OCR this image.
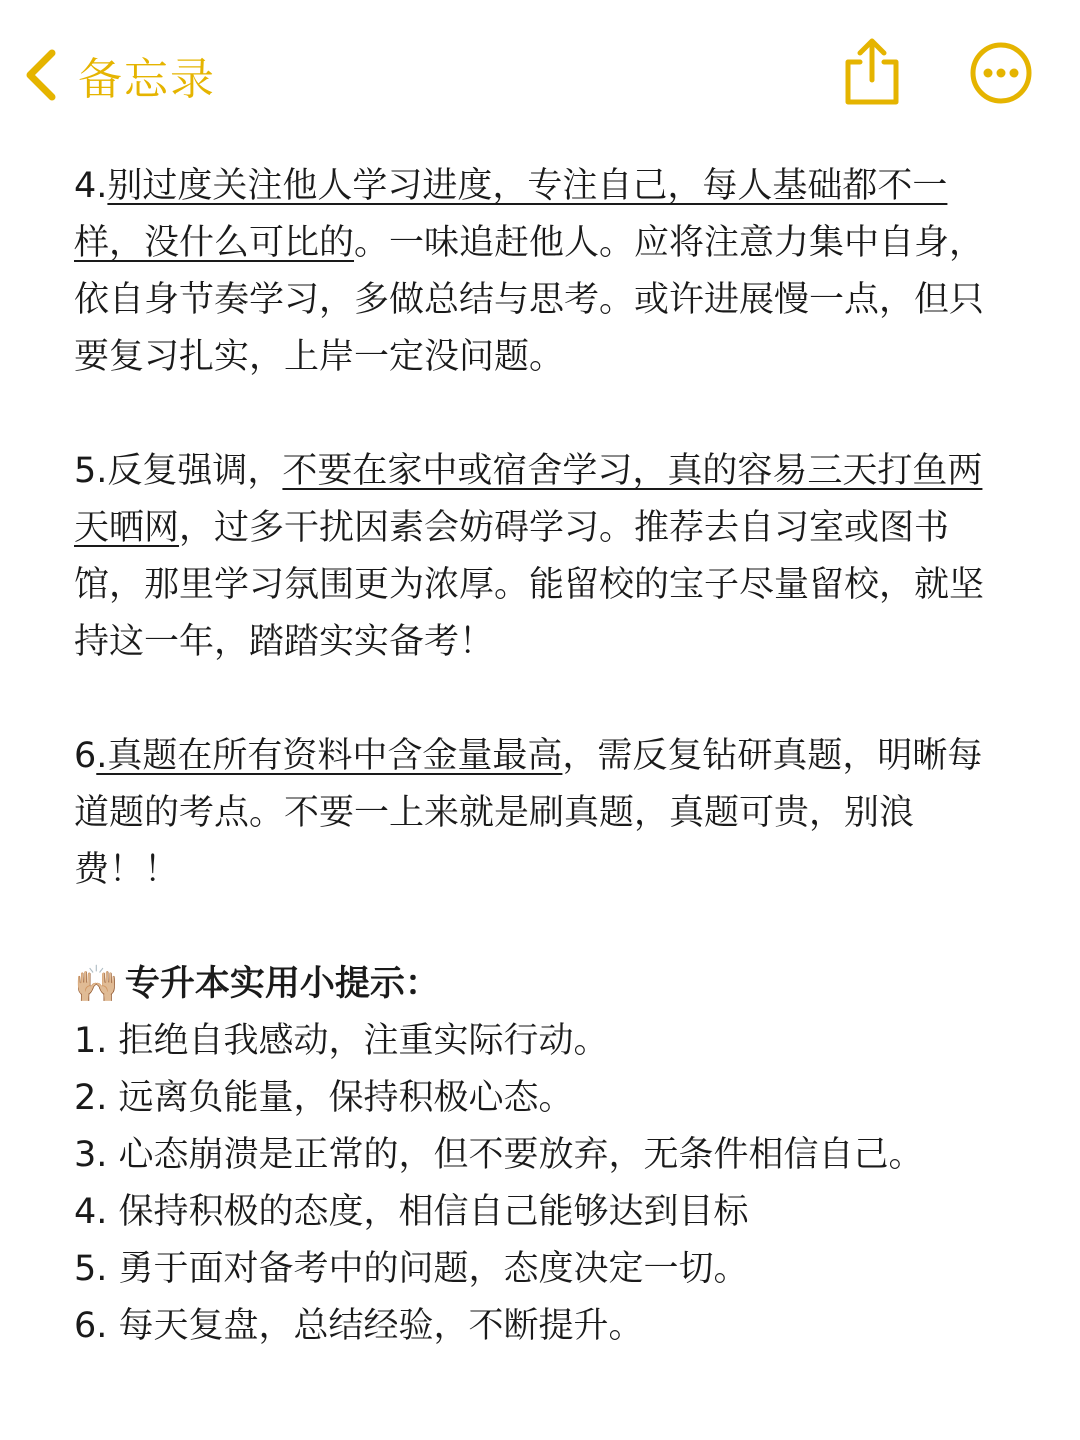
备忘录

4.别过度关注他人学习进度，专注自己，每人基础都不一样，没什么可比的。一味追赶他人。应将注意力集中自身，依自身节奏学习，多做总结与思考。或许进展慢一点，但只要复习扎实，上岸一定没问题。

5.反复强调，不要在家中或宿舍学习，真的容易三天打鱼两天晒网，过多干扰因素会妨碍学习。推荐去自习室或图书馆，那里学习氛围更为浓厚。能留校的宝子尽量留校，就坚持这一年，踏踏实实备考！

6.真题在所有资料中含金量最高，需反复钻研真题，明晰每道题的考点。不要一上来就是刷真题，真题可贵，别浪费！！

🙌🏼 专升本实用小提示：

1. 拒绝自我感动，注重实际行动。
2. 远离负能量，保持积极心态。
3. 心态崩溃是正常的，但不要放弃，无条件相信自己。
4. 保持积极的态度，相信自己能够达到目标
5. 勇于面对备考中的问题，态度决定一切。
6. 每天复盘，总结经验，不断提升。
